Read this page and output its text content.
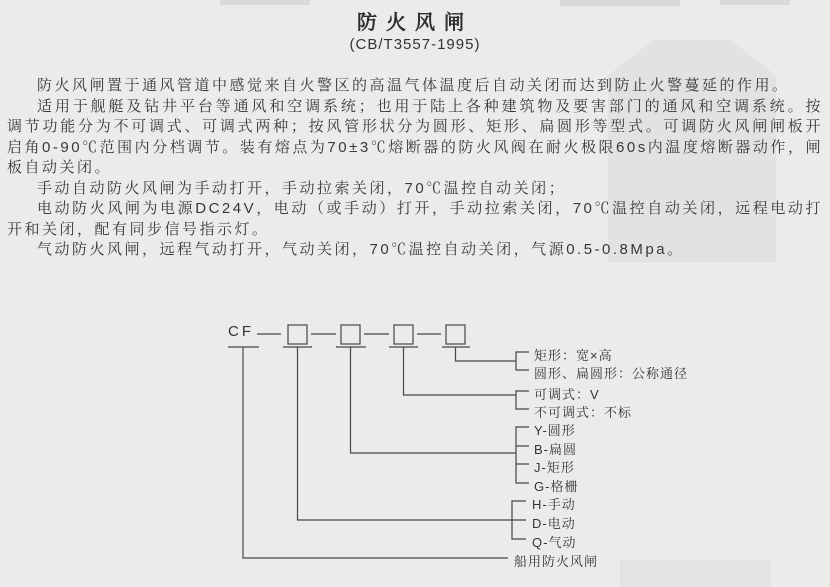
防火风闸
(CB/T3557-1995)

防火风闸置于通风管道中感觉来自火警区的高温气体温度后自动关闭而达到防止火警蔓延的作用。

适用于舰艇及钻井平台等通风和空调系统；也用于陆上各种建筑物及要害部门的通风和空调系统。按调节功能分为不可调式、可调式两种；按风管形状分为圆形、矩形、扁圆形等型式。可调防火风闸闸板开启角0-90℃范围内分档调节。装有熔点为70±3℃熔断器的防火风阀在耐火极限60s内温度熔断器动作，闸板自动关闭。

手动自动防火风闸为手动打开，手动拉索关闭，70℃温控自动关闭；

电动防火风闸为电源DC24V，电动（或手动）打开，手动拉索关闭，70℃温控自动关闭，远程电动打开和关闭，配有同步信号指示灯。

气动防火风闸，远程气动打开，气动关闭，70℃温控自动关闭，气源0.5-0.8Mpa。

CF
矩形：宽×高
圆形、扁圆形：公称通径
可调式：V
不可调式：不标
Y-圆形
B-扁圆
J-矩形
G-格栅
H-手动
D-电动
Q-气动
船用防火风闸
